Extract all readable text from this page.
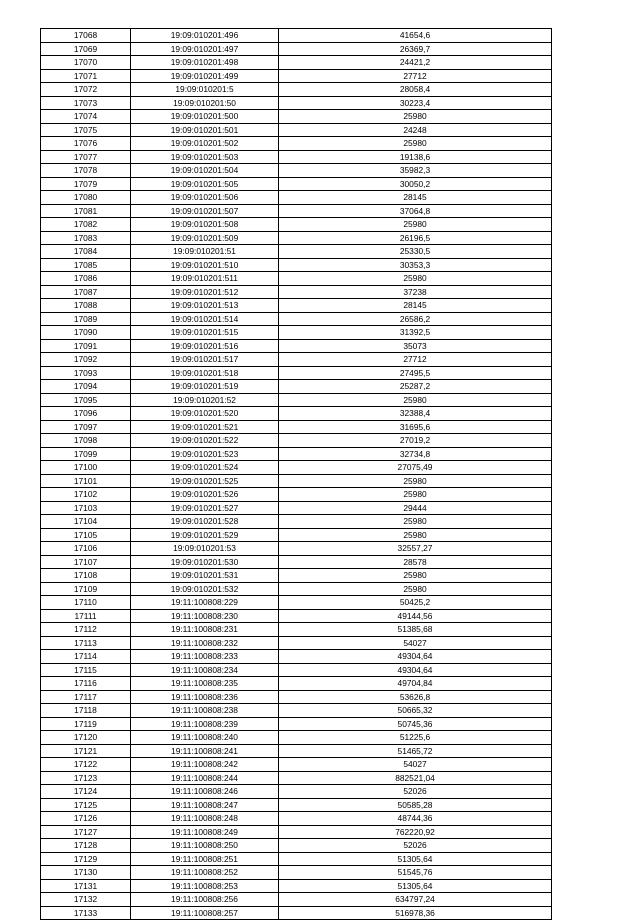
17068	19:09:010201:496	41654,6
17069	19:09:010201:497	26369,7
17070	19:09:010201:498	24421,2
17071	19:09:010201:499	27712
17072	19:09:010201:5	28058,4
17073	19:09:010201:50	30223,4
17074	19:09:010201:500	25980
17075	19:09:010201:501	24248
17076	19:09:010201:502	25980
17077	19:09:010201:503	19138,6
17078	19:09:010201:504	35982,3
17079	19:09:010201:505	30050,2
17080	19:09:010201:506	28145
17081	19:09:010201:507	37064,8
17082	19:09:010201:508	25980
17083	19:09:010201:509	26196,5
17084	19:09:010201:51	25330,5
17085	19:09:010201:510	30353,3
17086	19:09:010201:511	25980
17087	19:09:010201:512	37238
17088	19:09:010201:513	28145
17089	19:09:010201:514	26586,2
17090	19:09:010201:515	31392,5
17091	19:09:010201:516	35073
17092	19:09:010201:517	27712
17093	19:09:010201:518	27495,5
17094	19:09:010201:519	25287,2
17095	19:09:010201:52	25980
17096	19:09:010201:520	32388,4
17097	19:09:010201:521	31695,6
17098	19:09:010201:522	27019,2
17099	19:09:010201:523	32734,8
17100	19:09:010201:524	27075,49
17101	19:09:010201:525	25980
17102	19:09:010201:526	25980
17103	19:09:010201:527	29444
17104	19:09:010201:528	25980
17105	19:09:010201:529	25980
17106	19:09:010201:53	32557,27
17107	19:09:010201:530	28578
17108	19:09:010201:531	25980
17109	19:09:010201:532	25980
17110	19:11:100808:229	50425,2
17111	19:11:100808:230	49144,56
17112	19:11:100808:231	51385,68
17113	19:11:100808:232	54027
17114	19:11:100808:233	49304,64
17115	19:11:100808:234	49304,64
17116	19:11:100808:235	49704,84
17117	19:11:100808:236	53626,8
17118	19:11:100808:238	50665,32
17119	19:11:100808:239	50745,36
17120	19:11:100808:240	51225,6
17121	19:11:100808:241	51465,72
17122	19:11:100808:242	54027
17123	19:11:100808:244	882521,04
17124	19:11:100808:246	52026
17125	19:11:100808:247	50585,28
17126	19:11:100808:248	48744,36
17127	19:11:100808:249	762220,92
17128	19:11:100808:250	52026
17129	19:11:100808:251	51305,64
17130	19:11:100808:252	51545,76
17131	19:11:100808:253	51305,64
17132	19:11:100808:256	634797,24
17133	19:11:100808:257	516978,36
